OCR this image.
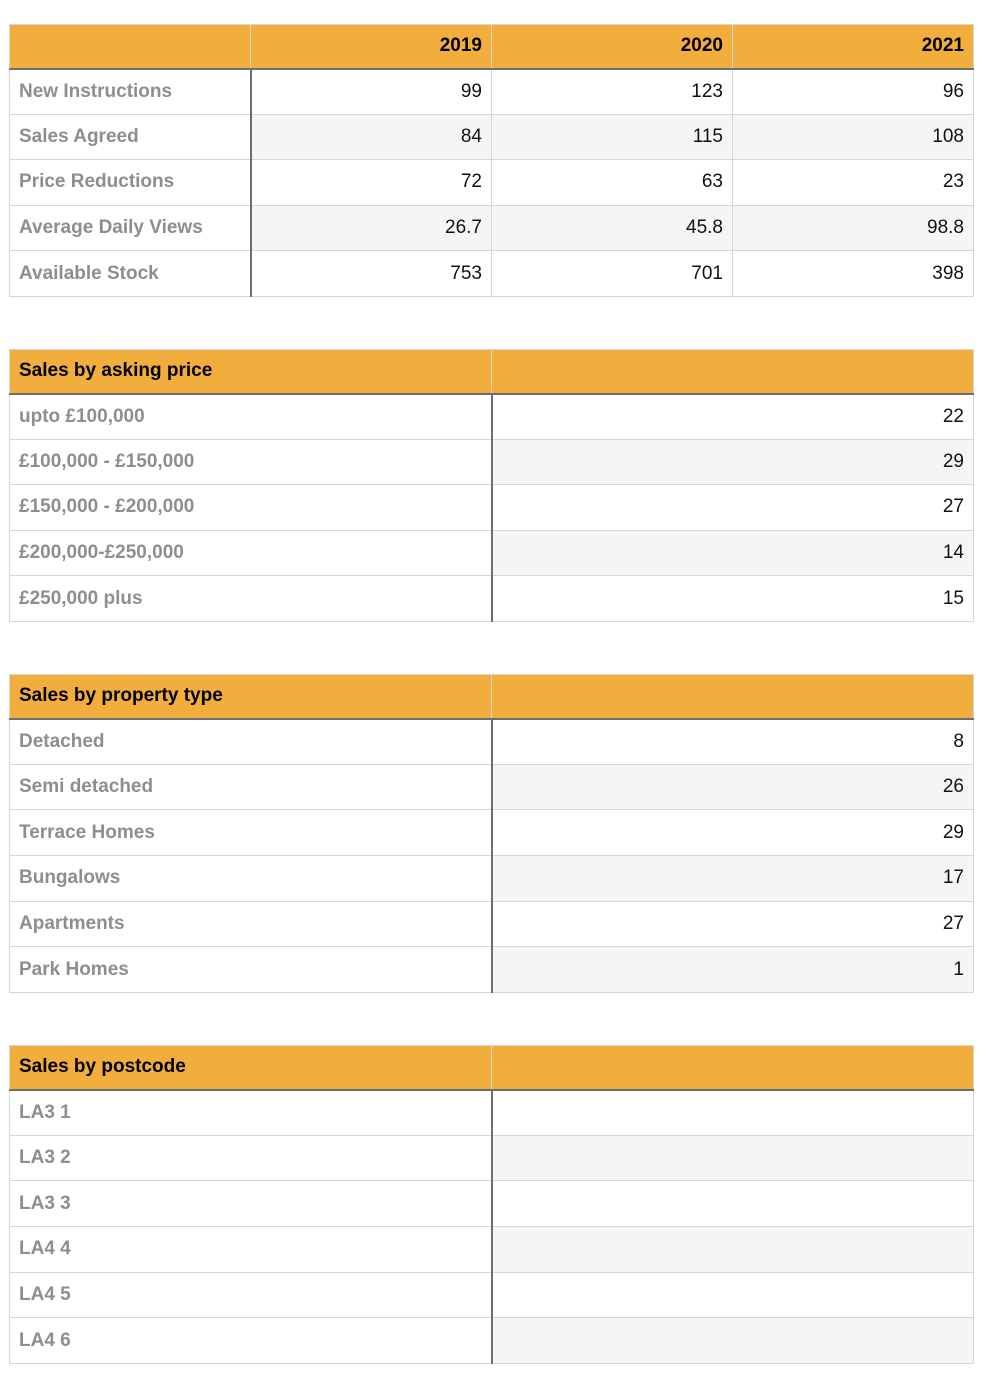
	2019	2020	2021
New Instructions	99	123	96
Sales Agreed	84	115	108
Price Reductions	72	63	23
Average Daily Views	26.7	45.8	98.8
Available Stock	753	701	398
Sales by asking price	
upto £100,000	22
£100,000 - £150,000	29
£150,000 - £200,000	27
£200,000-£250,000	14
£250,000 plus	15
Sales by property type	
Detached	8
Semi detached	26
Terrace Homes	29
Bungalows	17
Apartments	27
Park Homes	1
Sales by postcode	
LA3 1	
LA3 2	
LA3 3	
LA4 4	
LA4 5	
LA4 6	
